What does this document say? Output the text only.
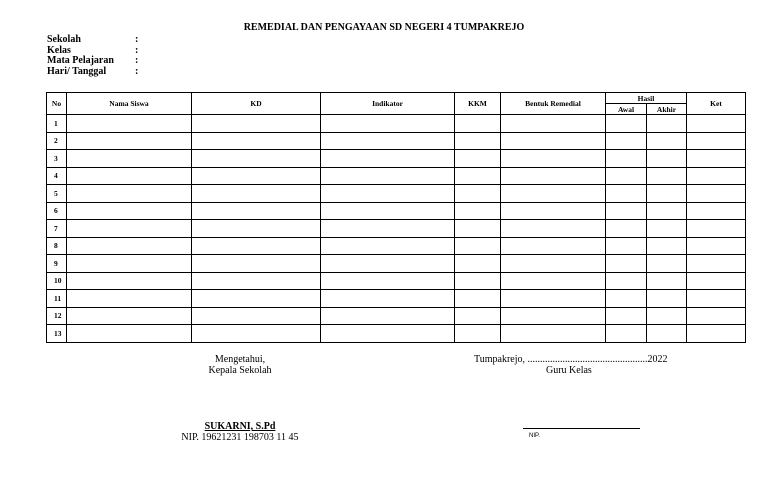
REMEDIAL DAN PENGAYAAN SD NEGERI 4 TUMPAKREJO
Sekolah	:
Kelas	:
Mata Pelajaran	:
Hari/ Tanggal	:
No	Nama Siswa	KD	Indikator	KKM	Bentuk Remedial	Hasil		Ket
						Awal	Akhir	
1								
2								
3								
4								
5								
6								
7								
8								
9								
10								
11								
12								
13								
Mengetahui,
Kepala Sekolah
SUKARNI, S.Pd
NIP. 19621231 198703 11 45
Tumpakrejo, ................................................2022
Guru Kelas
NIP.
